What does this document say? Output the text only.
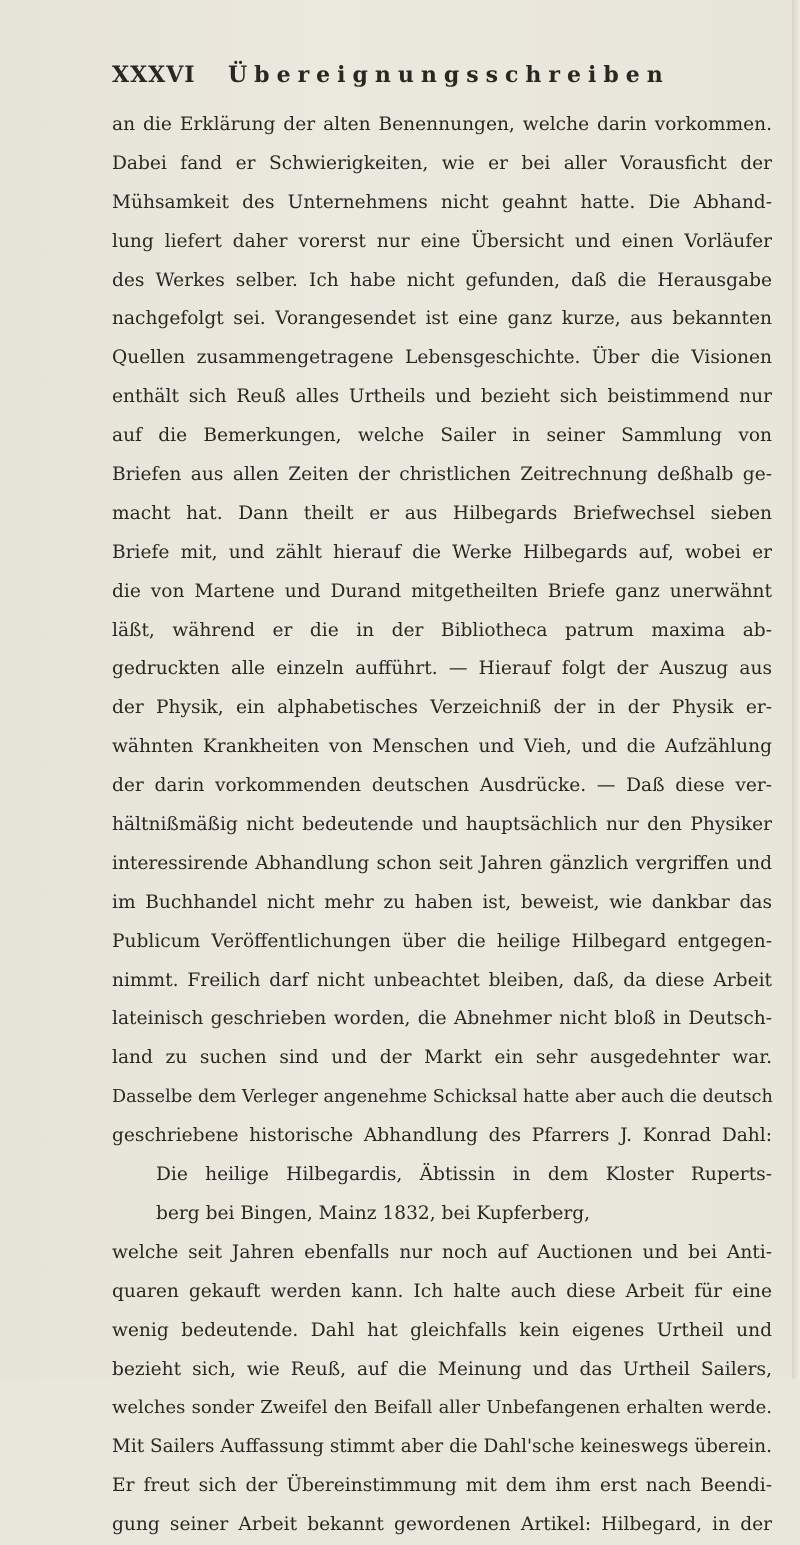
XXXVI Übereignungsschreiben
an die Erklärung der alten Benennungen, welche darin vorkommen.
Dabei fand er Schwierigkeiten, wie er bei aller Vorausficht der
Mühsamkeit des Unternehmens nicht geahnt hatte. Die Abhand-
lung liefert daher vorerst nur eine Übersicht und einen Vorläufer
des Werkes selber. Ich habe nicht gefunden, daß die Herausgabe
nachgefolgt sei. Vorangesendet ist eine ganz kurze, aus bekannten
Quellen zusammengetragene Lebensgeschichte. Über die Visionen
enthält sich Reuß alles Urtheils und bezieht sich beistimmend nur
auf die Bemerkungen, welche Sailer in seiner Sammlung von
Briefen aus allen Zeiten der christlichen Zeitrechnung deßhalb ge-
macht hat. Dann theilt er aus Hilbegards Briefwechsel sieben
Briefe mit, und zählt hierauf die Werke Hilbegards auf, wobei er
die von Martene und Durand mitgetheilten Briefe ganz unerwähnt
läßt, während er die in der Bibliotheca patrum maxima ab-
gedruckten alle einzeln aufführt. — Hierauf folgt der Auszug aus
der Physik, ein alphabetisches Verzeichniß der in der Physik er-
wähnten Krankheiten von Menschen und Vieh, und die Aufzählung
der darin vorkommenden deutschen Ausdrücke. — Daß diese ver-
hältnißmäßig nicht bedeutende und hauptsächlich nur den Physiker
interessirende Abhandlung schon seit Jahren gänzlich vergriffen und
im Buchhandel nicht mehr zu haben ist, beweist, wie dankbar das
Publicum Veröffentlichungen über die heilige Hilbegard entgegen-
nimmt. Freilich darf nicht unbeachtet bleiben, daß, da diese Arbeit
lateinisch geschrieben worden, die Abnehmer nicht bloß in Deutsch-
land zu suchen sind und der Markt ein sehr ausgedehnter war.
Dasselbe dem Verleger angenehme Schicksal hatte aber auch die deutsch
geschriebene historische Abhandlung des Pfarrers J. Konrad Dahl:
Die heilige Hilbegardis, Äbtissin in dem Kloster Ruperts-
berg bei Bingen, Mainz 1832, bei Kupferberg,
welche seit Jahren ebenfalls nur noch auf Auctionen und bei Anti-
quaren gekauft werden kann. Ich halte auch diese Arbeit für eine
wenig bedeutende. Dahl hat gleichfalls kein eigenes Urtheil und
bezieht sich, wie Reuß, auf die Meinung und das Urtheil Sailers,
welches sonder Zweifel den Beifall aller Unbefangenen erhalten werde.
Mit Sailers Auffassung stimmt aber die Dahl'sche keineswegs überein.
Er freut sich der Übereinstimmung mit dem ihm erst nach Beendi-
gung seiner Arbeit bekannt gewordenen Artikel: Hilbegard, in der
